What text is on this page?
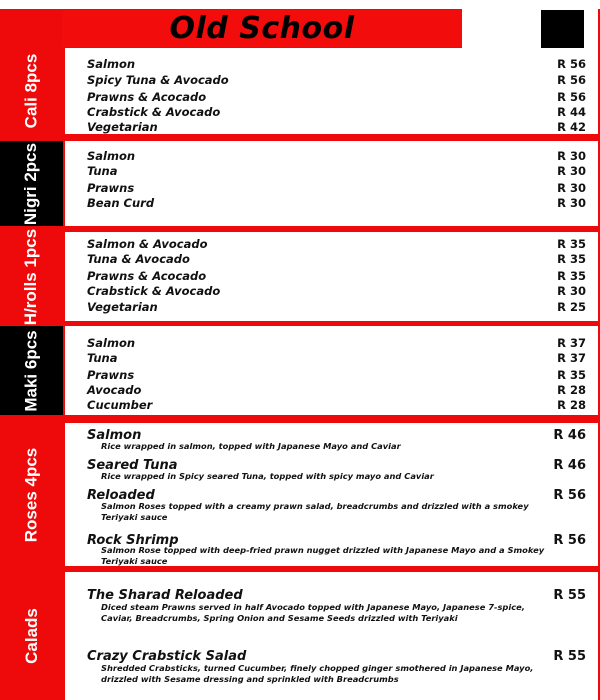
Old School
Cali 8pcs	Salmon	R 56
Spicy Tuna & Avocado	R 56
Prawns & Acocado	R 56
Crabstick & Avocado	R 44
Vegetarian	R 42
Nigri 2pcs	Salmon	R 30
Tuna	R 30
Prawns	R 30
Bean Curd	R 30
H/rolls 1pcs	Salmon & Avocado	R 35
Tuna & Avocado	R 35
Prawns & Acocado	R 35
Crabstick & Avocado	R 30
Vegetarian	R 25
Maki 6pcs	Salmon	R 37
Tuna	R 37
Prawns	R 35
Avocado	R 28
Cucumber	R 28
Roses 4pcs
Salmon	R 46
Rice wrapped in salmon, topped with Japanese Mayo and Caviar
Seared Tuna	R 46
Rice wrapped in Spicy seared Tuna, topped with spicy mayo and Caviar
Reloaded	R 56
Salmon Roses topped with a creamy prawn salad, breadcrumbs and drizzled with a smokey Teriyaki sauce
Rock Shrimp	R 56
Salmon Rose topped with deep-fried prawn nugget drizzled with Japanese Mayo and a Smokey Teriyaki sauce
Calads
The Sharad Reloaded	R 55
Diced steam Prawns served in half Avocado topped with Japanese Mayo, Japanese 7-spice, Caviar, Breadcrumbs, Spring Onion and Sesame Seeds drizzled with Teriyaki
Crazy Crabstick Salad	R 55
Shredded Crabsticks, turned Cucumber, finely chopped ginger smothered in Japanese Mayo, drizzled with Sesame dressing and sprinkled with Breadcrumbs
